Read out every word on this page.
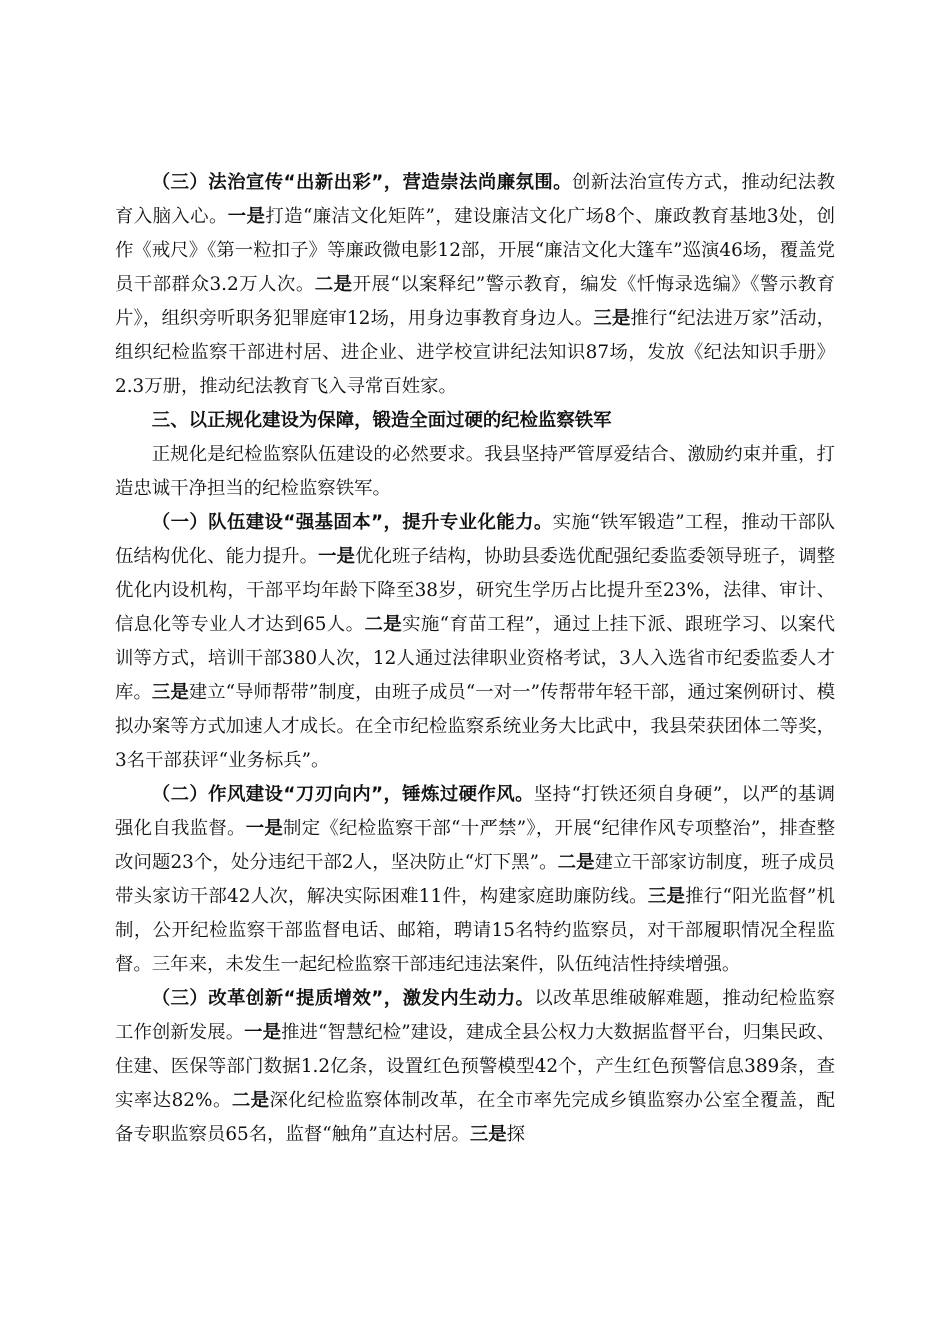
（三）法治宣传“出新出彩”，营造崇法尚廉氛围。创新法治宣传方式，推动纪法教育入脑入心。一是打造“廉洁文化矩阵”，建设廉洁文化广场8个、廉政教育基地3处，创作《戒尺》《第一粒扣子》等廉政微电影12部，开展“廉洁文化大篷车”巡演46场，覆盖党员干部群众3.2万人次。二是开展“以案释纪”警示教育，编发《忏悔录选编》《警示教育片》，组织旁听职务犯罪庭审12场，用身边事教育身边人。三是推行“纪法进万家”活动，组织纪检监察干部进村居、进企业、进学校宣讲纪法知识87场，发放《纪法知识手册》2.3万册，推动纪法教育飞入寻常百姓家。

三、以正规化建设为保障，锻造全面过硬的纪检监察铁军

正规化是纪检监察队伍建设的必然要求。我县坚持严管厚爱结合、激励约束并重，打造忠诚干净担当的纪检监察铁军。

（一）队伍建设“强基固本”，提升专业化能力。实施“铁军锻造”工程，推动干部队伍结构优化、能力提升。一是优化班子结构，协助县委选优配强纪委监委领导班子，调整优化内设机构，干部平均年龄下降至38岁，研究生学历占比提升至23%，法律、审计、信息化等专业人才达到65人。二是实施“育苗工程”，通过上挂下派、跟班学习、以案代训等方式，培训干部380人次，12人通过法律职业资格考试，3人入选省市纪委监委人才库。三是建立“导师帮带”制度，由班子成员“一对一”传帮带年轻干部，通过案例研讨、模拟办案等方式加速人才成长。在全市纪检监察系统业务大比武中，我县荣获团体二等奖，3名干部获评“业务标兵”。

（二）作风建设“刀刃向内”，锤炼过硬作风。坚持“打铁还须自身硬”，以严的基调强化自我监督。一是制定《纪检监察干部“十严禁”》，开展“纪律作风专项整治”，排查整改问题23个，处分违纪干部2人，坚决防止“灯下黑”。二是建立干部家访制度，班子成员带头家访干部42人次，解决实际困难11件，构建家庭助廉防线。三是推行“阳光监督”机制，公开纪检监察干部监督电话、邮箱，聘请15名特约监察员，对干部履职情况全程监督。三年来，未发生一起纪检监察干部违纪违法案件，队伍纯洁性持续增强。

（三）改革创新“提质增效”，激发内生动力。以改革思维破解难题，推动纪检监察工作创新发展。一是推进“智慧纪检”建设，建成全县公权力大数据监督平台，归集民政、住建、医保等部门数据1.2亿条，设置红色预警模型42个，产生红色预警信息389条，查实率达82%。二是深化纪检监察体制改革，在全市率先完成乡镇监察办公室全覆盖，配备专职监察员65名，监督“触角”直达村居。三是探
